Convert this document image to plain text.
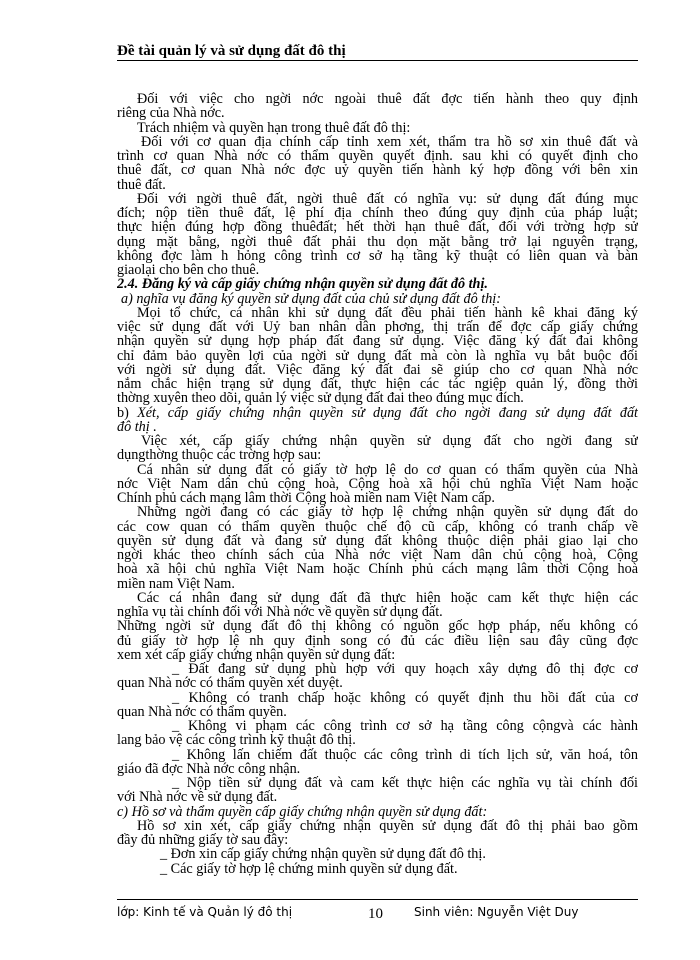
Đề tài quản lý và sử dụng đất đô thị
Đối với việc cho ngời nớc ngoài thuê đất đợc tiến hành theo quy định
riêng của Nhà nớc.
Trách nhiệm và quyền hạn trong thuê đất đô thị:
Đối với cơ quan địa chính cấp tỉnh xem xét, thẩm tra hồ sơ xin thuê đất và
trình cơ quan Nhà nớc có thẩm quyền quyết định. sau khi có quyết định cho
thuê đất, cơ quan Nhà nớc đợc uỷ quyền tiến hành ký hợp đồng với bên xin
thuê đất.
Đối với ngời thuê đất, ngời thuê đất có nghĩa vụ: sử dụng đất đúng mục
đích; nộp tiền thuê đất, lệ phí địa chính theo đúng quy định của pháp luật;
thực hiện đúng hợp đồng thuêđất; hết thời hạn thuê đất, đối với trờng hợp sử
dụng mặt bằng, ngời thuê đất phải thu dọn mặt bằng trở lại nguyên trạng,
không đợc làm h hỏng công trình cơ sở hạ tầng kỹ thuật có liên quan và bàn
giaolại cho bên cho thuê.
2.4. Đăng ký và cấp giấy chứng nhận quyền sử dụng đất đô thị.
a) nghĩa vụ đăng ký quyền sử dụng đất của chủ sử dụng đất đô thị:
Mọi tổ chức, cá nhân khi sử dụng đất đều phải tiến hành kê khai đăng ký
việc sử dụng đất với Uỷ ban nhân dân phơng, thị trấn để đợc cấp giấy chứng
nhận quyền sử dụng hợp pháp đất đang sử dụng. Việc đăng ký đất đai không
chỉ đảm bảo quyền lợi của ngời sử dụng đất mà còn là nghĩa vụ bắt buộc đối
với ngời sử dụng đất. Việc đăng ký đất đai sẽ giúp cho cơ quan Nhà nớc
nắm chắc hiện trạng sử dụng đất, thực hiện các tác ngiệp quản lý, đồng thời
thờng xuyên theo dõi, quản lý việc sử dụng đất đai theo đúng mục đích.
b) Xét, cấp giấy chứng nhận quyền sử dụng đất cho ngời đang sử dụng đất đất
đô thị .
Việc xét, cấp giấy chứng nhận quyền sử dụng đất cho ngời đang sử
dụngthờng thuộc các trờng hợp sau:
Cá nhân sử dụng đất có giấy tờ hợp lệ do cơ quan có thẩm quyền của Nhà
nớc Việt Nam dân chủ cộng hoà, Cộng hoà xã hội chủ nghĩa Việt Nam hoặc
Chính phủ cách mạng lâm thời Cộng hoà miền nam Việt Nam cấp.
Những ngời đang có các giấy tờ hợp lệ chứng nhận quyền sử dụng đất do
các cow quan có thẩm quyền thuộc chế độ cũ cấp, không có tranh chấp về
quyền sử dụng đất và đang sử dụng đất không thuộc diện phải giao lại cho
ngời khác theo chính sách của Nhà nớc việt Nam dân chủ cộng hoà, Cộng
hoà xã hội chủ nghĩa Việt Nam hoặc Chính phủ cách mạng lâm thời Cộng hoà
miền nam Việt Nam.
Các cá nhân đang sử dụng đất đã thực hiện hoặc cam kết thực hiện các
nghĩa vụ tài chính đối với Nhà nớc về quyền sử dụng đất.
Những ngời sử dụng đất đô thị không có nguồn gốc hợp pháp, nếu không có
đủ giấy tờ hợp lệ nh quy định song có đủ các điều liện sau đây cũng đợc
xem xét cấp giấy chứng nhận quyền sử dụng đất:
_ Đất đang sử dụng phù hợp với quy hoạch xây dựng đô thị đợc cơ
quan Nhà nớc có thẩm quyền xét duyệt.
_ Không có tranh chấp hoặc không có quyết định thu hồi đất của cơ
quan Nhà nớc có thẩm quyền.
_ Không vi phạm các công trình cơ sở hạ tầng công cộngvà các hành
lang bảo vệ các công trình kỹ thuật đô thị.
_ Không lấn chiếm đất thuộc các công trình di tích lịch sử, văn hoá, tôn
giáo đã đợc Nhà nớc công nhận.
_ Nộp tiền sử dụng đất và cam kết thực hiện các nghĩa vụ tài chính đối
với Nhà nớc về sử dụng đất.
c) Hồ sơ và thẩm quyền cấp giấy chứng nhận quyền sử dụng đất:
Hồ sơ xin xét, cấp giấy chứng nhận quyền sử dụng đất đô thị phải bao gồm
đầy đủ những giấy tờ sau đây:
_ Đơn xin cấp giấy chứng nhận quyền sử dụng đất đô thị.
_ Các giấy tờ hợp lệ chứng minh quyền sử dụng đất.
lớp: Kinh tế và Quản lý đô thị	10	Sinh viên: Nguyễn Việt Duy
